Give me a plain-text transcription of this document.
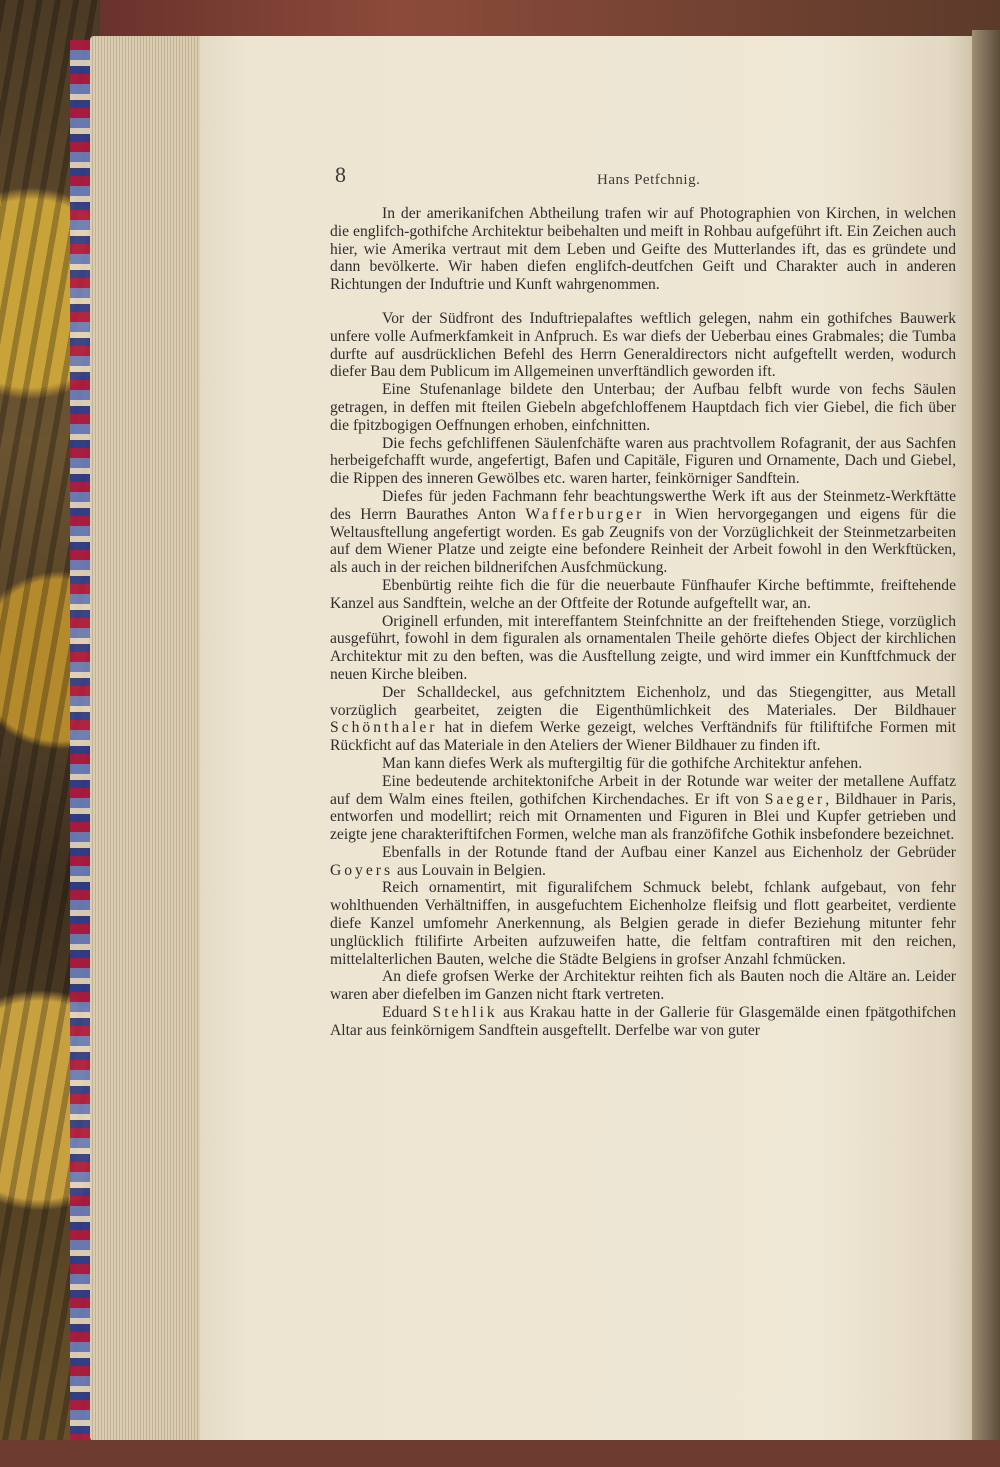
8	Hans Petfchnig.

In der amerikanifchen Abtheilung trafen wir auf Photographien von Kirchen, in welchen die englifch-gothifche Architektur beibehalten und meift in Rohbau aufgeführt ift. Ein Zeichen auch hier, wie Amerika vertraut mit dem Leben und Geifte des Mutterlandes ift, das es gründete und dann bevölkerte. Wir haben diefen englifch-deutfchen Geift und Charakter auch in anderen Richtungen der Induftrie und Kunft wahrgenommen.

Vor der Südfront des Induftriepalaftes weftlich gelegen, nahm ein gothifches Bauwerk unfere volle Aufmerkfamkeit in Anfpruch. Es war diefs der Ueberbau eines Grabmales; die Tumba durfte auf ausdrücklichen Befehl des Herrn Generaldirectors nicht aufgeftellt werden, wodurch diefer Bau dem Publicum im Allgemeinen unverftändlich geworden ift.

Eine Stufenanlage bildete den Unterbau; der Aufbau felbft wurde von fechs Säulen getragen, in deffen mit fteilen Giebeln abgefchloffenem Hauptdach fich vier Giebel, die fich über die fpitzbogigen Oeffnungen erhoben, einfchnitten.

Die fechs gefchliffenen Säulenfchäfte waren aus prachtvollem Rofagranit, der aus Sachfen herbeigefchafft wurde, angefertigt, Bafen und Capitäle, Figuren und Ornamente, Dach und Giebel, die Rippen des inneren Gewölbes etc. waren harter, feinkörniger Sandftein.

Diefes für jeden Fachmann fehr beachtungswerthe Werk ift aus der Steinmetz-Werkftätte des Herrn Baurathes Anton Wafferburger in Wien hervorgegangen und eigens für die Weltausftellung angefertigt worden. Es gab Zeugnifs von der Vorzüglichkeit der Steinmetzarbeiten auf dem Wiener Platze und zeigte eine befondere Reinheit der Arbeit fowohl in den Werkftücken, als auch in der reichen bildnerifchen Ausfchmückung.

Ebenbürtig reihte fich die für die neuerbaute Fünfhaufer Kirche beftimmte, freiftehende Kanzel aus Sandftein, welche an der Oftfeite der Rotunde aufgeftellt war, an.

Originell erfunden, mit intereffantem Steinfchnitte an der freiftehenden Stiege, vorzüglich ausgeführt, fowohl in dem figuralen als ornamentalen Theile gehörte diefes Object der kirchlichen Architektur mit zu den beften, was die Ausftellung zeigte, und wird immer ein Kunftfchmuck der neuen Kirche bleiben.

Der Schalldeckel, aus gefchnitztem Eichenholz, und das Stiegengitter, aus Metall vorzüglich gearbeitet, zeigten die Eigenthümlichkeit des Materiales. Der Bildhauer Schönthaler hat in diefem Werke gezeigt, welches Verftändnifs für ftiliftifche Formen mit Rückficht auf das Materiale in den Ateliers der Wiener Bildhauer zu finden ift.

Man kann diefes Werk als muftergiltig für die gothifche Architektur anfehen.

Eine bedeutende architektonifche Arbeit in der Rotunde war weiter der metallene Auffatz auf dem Walm eines fteilen, gothifchen Kirchendaches. Er ift von Saeger, Bildhauer in Paris, entworfen und modellirt; reich mit Ornamenten und Figuren in Blei und Kupfer getrieben und zeigte jene charakteriftifchen Formen, welche man als franzöfifche Gothik insbefondere bezeichnet.

Ebenfalls in der Rotunde ftand der Aufbau einer Kanzel aus Eichenholz der Gebrüder Goyers aus Louvain in Belgien.

Reich ornamentirt, mit figuralifchem Schmuck belebt, fchlank aufgebaut, von fehr wohlthuenden Verhältniffen, in ausgefuchtem Eichenholze fleifsig und flott gearbeitet, verdiente diefe Kanzel umfomehr Anerkennung, als Belgien gerade in diefer Beziehung mitunter fehr unglücklich ftilifirte Arbeiten aufzuweifen hatte, die feltfam contraftiren mit den reichen, mittelalterlichen Bauten, welche die Städte Belgiens in grofser Anzahl fchmücken.

An diefe grofsen Werke der Architektur reihten fich als Bauten noch die Altäre an. Leider waren aber diefelben im Ganzen nicht ftark vertreten.

Eduard Stehlik aus Krakau hatte in der Gallerie für Glasgemälde einen fpätgothifchen Altar aus feinkörnigem Sandftein ausgeftellt. Derfelbe war von guter
